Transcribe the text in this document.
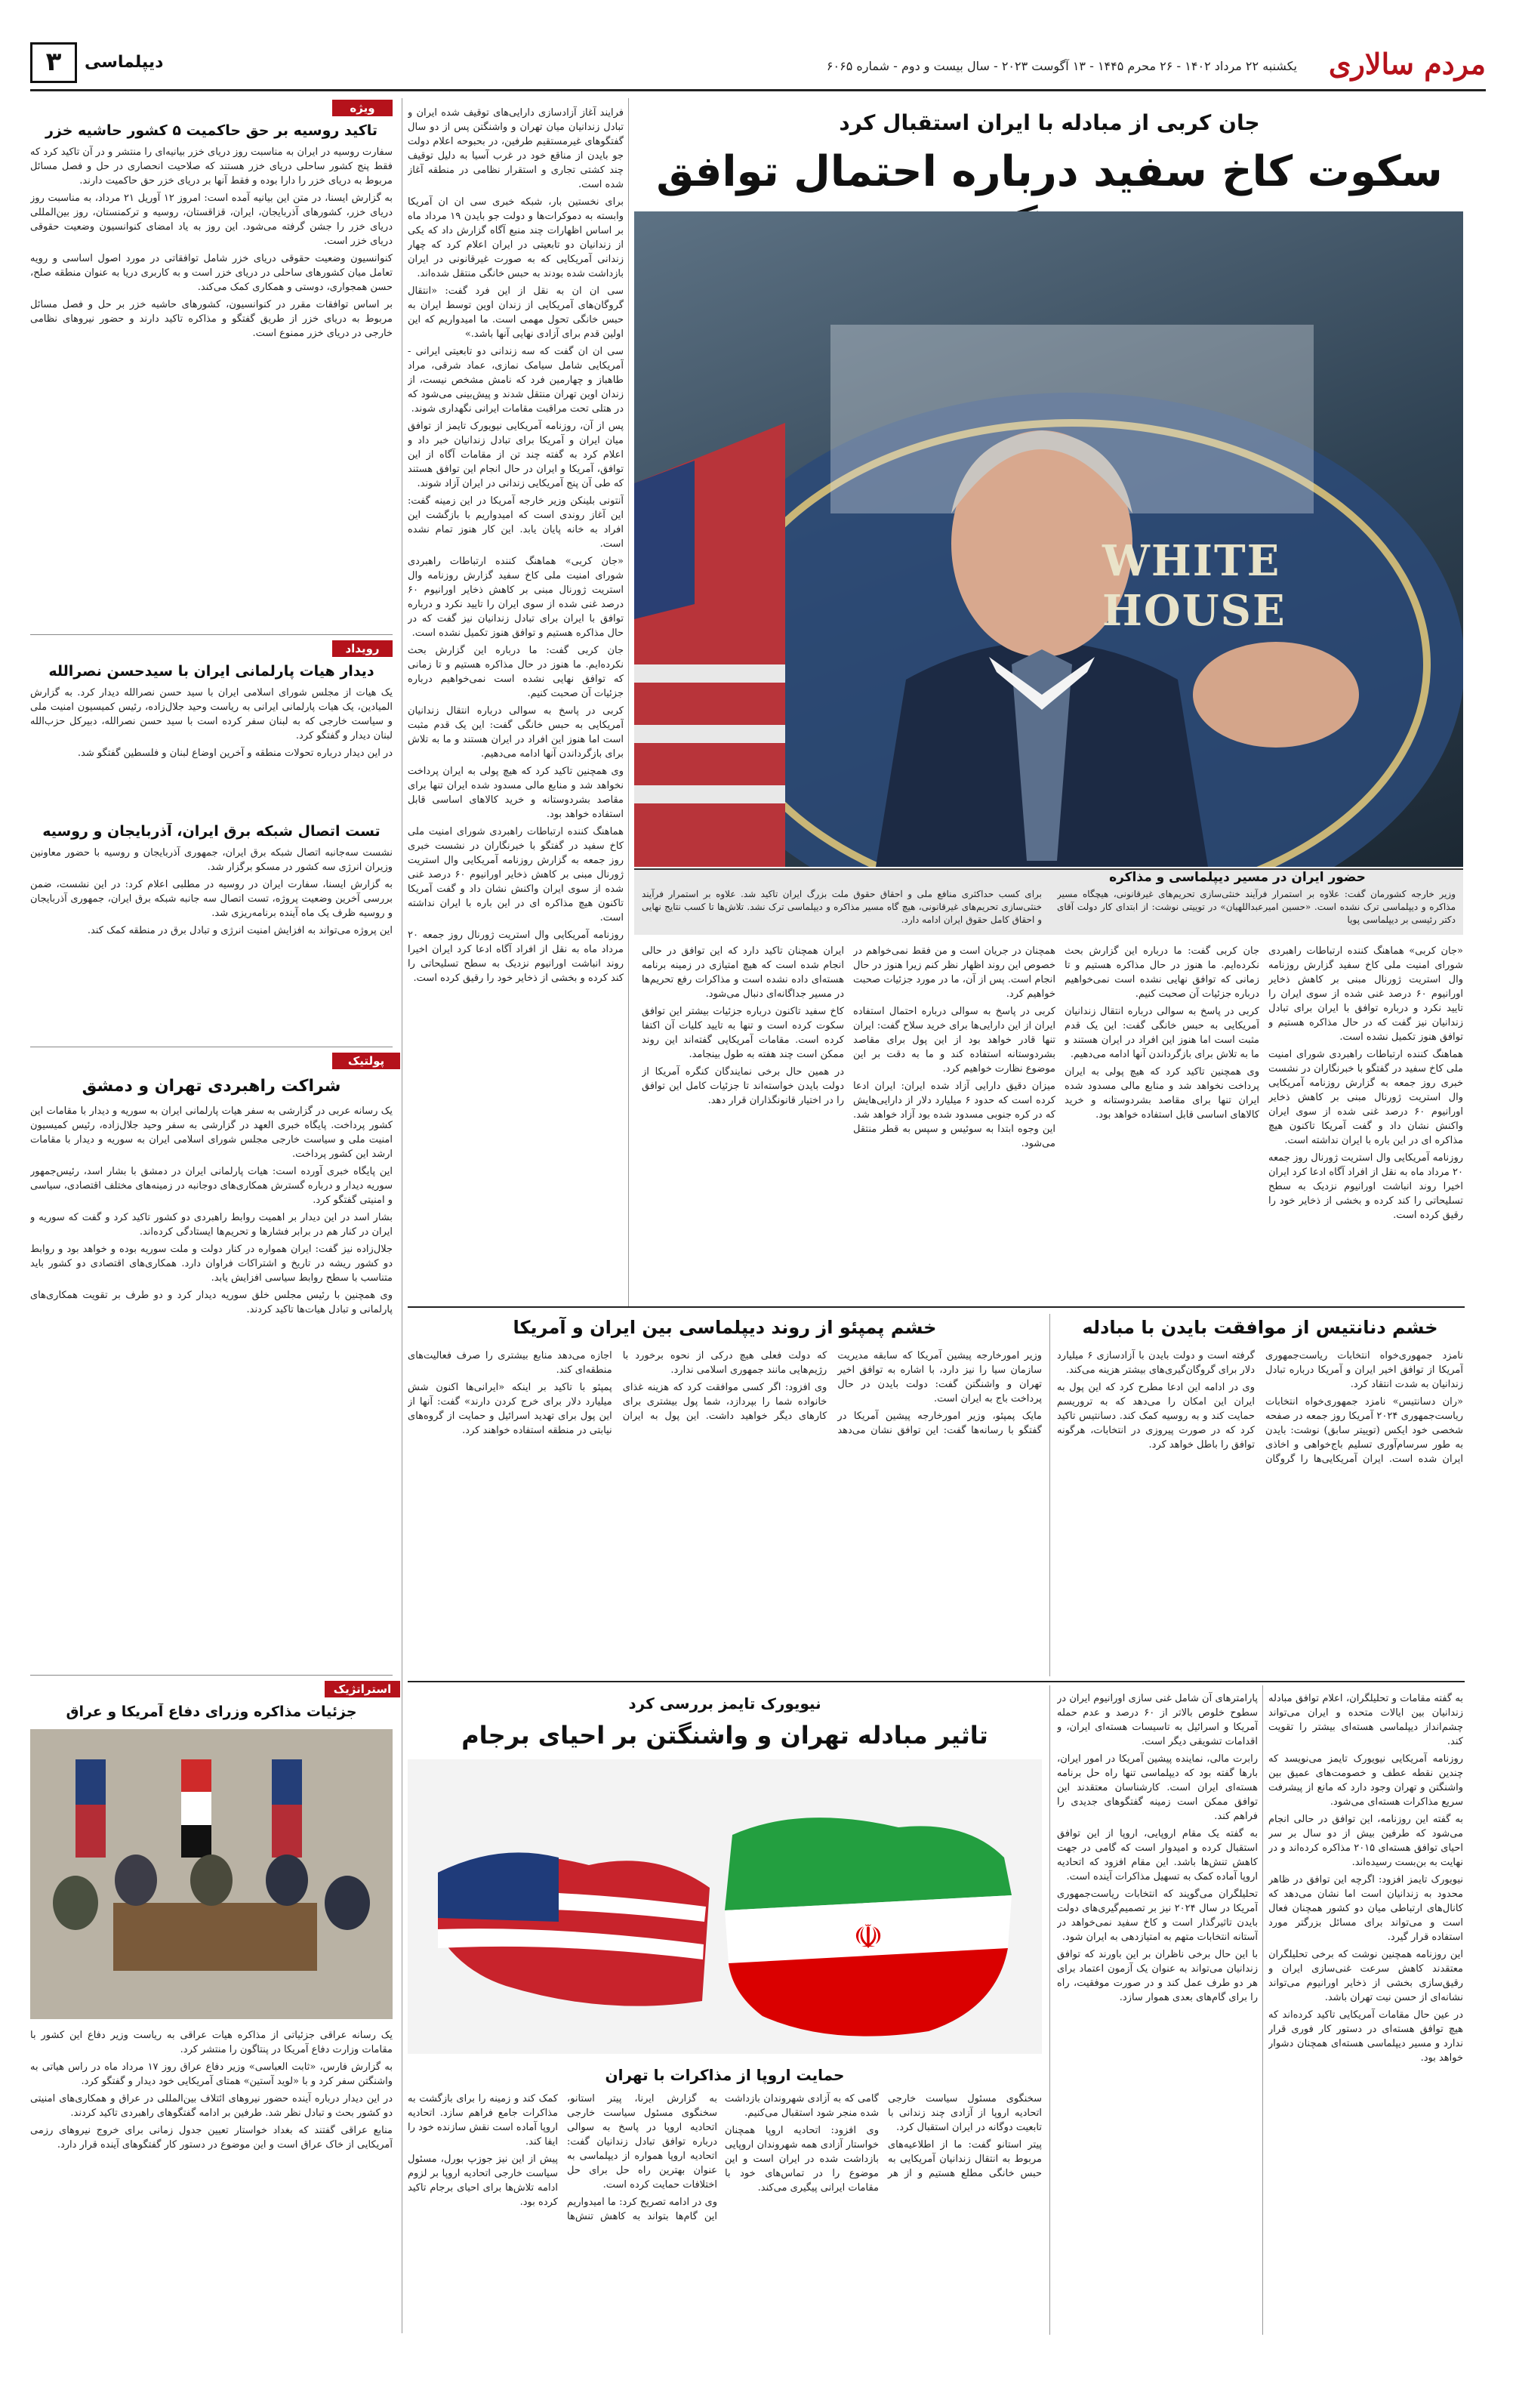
مردم سالاری
یکشنبه ۲۲ مرداد ۱۴۰۲ - ۲۶ محرم ۱۴۴۵ - ۱۳ آگوست ۲۰۲۳ - سال بیست و دوم - شماره ۶۰۶۵
دیپلماسی
۳
جان کربی از مبادله با ایران استقبال کرد
سکوت کاخ سفید درباره احتمال توافق
WHITE HOUSE
حضور ایران در مسیر دیپلماسی و مذاکره
وزیر خارجه کشورمان گفت: علاوه بر استمرار فرآیند خنثی‌سازی تحریم‌های غیرقانونی، هیچگاه مسیر مذاکره و دیپلماسی ترک نشده است. «حسین امیرعبداللهیان» در توییتی نوشت: از ابتدای کار دولت آقای دکتر رئیسی بر دیپلماسی پویا
برای کسب حداکثری منافع ملی و احقاق حقوق ملت بزرگ ایران تاکید شد. علاوه بر استمرار فرآیند خنثی‌سازی تحریم‌های غیرقانونی، هیچ گاه مسیر مذاکره و دیپلماسی ترک نشد. تلاش‌ها تا کسب نتایج نهایی و احقاق کامل حقوق ایران ادامه دارد.

«جان کربی» هماهنگ کننده ارتباطات راهبردی شورای امنیت ملی کاخ سفید گزارش روزنامه وال استریت ژورنال مبنی بر کاهش ذخایر اورانیوم ۶۰ درصد غنی شده از سوی ایران را تایید نکرد و درباره توافق با ایران برای تبادل زندانیان نیز گفت که در حال مذاکره هستیم و توافق هنوز تکمیل نشده است.

هماهنگ کننده ارتباطات راهبردی شورای امنیت ملی کاخ سفید در گفتگو با خبرنگاران در نشست خبری روز جمعه به گزارش روزنامه آمریکایی وال استریت ژورنال مبنی بر کاهش ذخایر اورانیوم ۶۰ درصد غنی شده از سوی ایران واکنش نشان داد و گفت آمریکا تاکنون هیچ مذاکره ای در این باره با ایران نداشته است.

روزنامه آمریکایی وال استریت ژورنال روز جمعه ۲۰ مرداد ماه به نقل از افراد آگاه ادعا کرد ایران اخیرا روند انباشت اورانیوم نزدیک به سطح تسلیحاتی را کند کرده و بخشی از ذخایر خود را رقیق کرده است.

جان کربی گفت: ما درباره این گزارش بحث نکرده‌ایم. ما هنوز در حال مذاکره هستیم و تا زمانی که توافق نهایی نشده است نمی‌خواهیم درباره جزئیات آن صحبت کنیم.

کربی در پاسخ به سوالی درباره انتقال زندانیان آمریکایی به حبس خانگی گفت: این یک قدم مثبت است اما هنوز این افراد در ایران هستند و ما به تلاش برای بازگرداندن آنها ادامه می‌دهیم.

وی همچنین تاکید کرد که هیچ پولی به ایران پرداخت نخواهد شد و منابع مالی مسدود شده ایران تنها برای مقاصد بشردوستانه و خرید کالاهای اساسی قابل استفاده خواهد بود.

همچنان در جریان است و من فقط نمی‌خواهم در خصوص این روند اظهار نظر کنم زیرا هنوز در حال انجام است. پس از آن، ما در مورد جزئیات صحبت خواهیم کرد.

کربی در پاسخ به سوالی درباره احتمال استفاده ایران از این دارایی‌ها برای خرید سلاح گفت: ایران تنها قادر خواهد بود از این پول برای مقاصد بشردوستانه استفاده کند و ما به دقت بر این موضوع نظارت خواهیم کرد.

میزان دقیق دارایی آزاد شده ایران: ایران ادعا کرده است که حدود ۶ میلیارد دلار از دارایی‌هایش که در کره جنوبی مسدود شده بود آزاد خواهد شد. این وجوه ابتدا به سوئیس و سپس به قطر منتقل می‌شود.

ایران همچنان تاکید دارد که این توافق در حالی انجام شده است که هیچ امتیازی در زمینه برنامه هسته‌ای داده نشده است و مذاکرات رفع تحریم‌ها در مسیر جداگانه‌ای دنبال می‌شود.

کاخ سفید تاکنون درباره جزئیات بیشتر این توافق سکوت کرده است و تنها به تایید کلیات آن اکتفا کرده است. مقامات آمریکایی گفته‌اند این روند ممکن است چند هفته به طول بینجامد.

در همین حال برخی نمایندگان کنگره آمریکا از دولت بایدن خواسته‌اند تا جزئیات کامل این توافق را در اختیار قانونگذاران قرار دهد.

فرایند آغاز آزادسازی دارایی‌های توقیف شده ایران و تبادل زندانیان میان تهران و واشنگتن پس از دو سال گفتگوهای غیرمستقیم طرفین، در بحبوحه اعلام دولت جو بایدن از مناقع خود در غرب آسیا به دلیل توقیف چند کشتی تجاری و استقرار نظامی در منطقه آغاز شده است.

برای نخستین بار، شبکه خبری سی ان ان آمریکا وابسته به دموکرات‌ها و دولت جو بایدن ۱۹ مرداد ماه بر اساس اظهارات چند منبع آگاه گزارش داد که یکی از زندانیان دو تابعیتی در ایران اعلام کرد که چهار زندانی آمریکایی که به صورت غیرقانونی در ایران بازداشت شده بودند به حبس خانگی منتقل شده‌اند.

سی ان ان به نقل از این فرد گفت: «انتقال گروگان‌های آمریکایی از زندان اوین توسط ایران به حبس خانگی تحول مهمی است. ما امیدواریم که این اولین قدم برای آزادی نهایی آنها باشد.»

سی ان ان گفت که سه زندانی دو تابعیتی ایرانی - آمریکایی شامل سیامک نمازی، عماد شرقی، مراد طاهباز و چهارمین فرد که نامش مشخص نیست، از زندان اوین تهران منتقل شدند و پیش‌بینی می‌شود که در هتلی تحت مراقبت مقامات ایرانی نگهداری شوند.

پس از آن، روزنامه آمریکایی نیویورک تایمز از توافق میان ایران و آمریکا برای تبادل زندانیان خبر داد و اعلام کرد به گفته چند تن از مقامات آگاه از این توافق، آمریکا و ایران در حال انجام این توافق هستند که طی آن پنج آمریکایی زندانی در ایران آزاد شوند.

آنتونی بلینکن وزیر خارجه آمریکا در این زمینه گفت: این آغاز روندی است که امیدواریم با بازگشت این افراد به خانه پایان یابد. این کار هنوز تمام نشده است.

«جان کربی» هماهنگ کننده ارتباطات راهبردی شورای امنیت ملی کاخ سفید گزارش روزنامه وال استریت ژورنال مبنی بر کاهش ذخایر اورانیوم ۶۰ درصد غنی شده از سوی ایران را تایید نکرد و درباره توافق با ایران برای تبادل زندانیان نیز گفت که در حال مذاکره هستیم و توافق هنوز تکمیل نشده است.

جان کربی گفت: ما درباره این گزارش بحث نکرده‌ایم. ما هنوز در حال مذاکره هستیم و تا زمانی که توافق نهایی نشده است نمی‌خواهیم درباره جزئیات آن صحبت کنیم.

کربی در پاسخ به سوالی درباره انتقال زندانیان آمریکایی به حبس خانگی گفت: این یک قدم مثبت است اما هنوز این افراد در ایران هستند و ما به تلاش برای بازگرداندن آنها ادامه می‌دهیم.

وی همچنین تاکید کرد که هیچ پولی به ایران پرداخت نخواهد شد و منابع مالی مسدود شده ایران تنها برای مقاصد بشردوستانه و خرید کالاهای اساسی قابل استفاده خواهد بود.

هماهنگ کننده ارتباطات راهبردی شورای امنیت ملی کاخ سفید در گفتگو با خبرنگاران در نشست خبری روز جمعه به گزارش روزنامه آمریکایی وال استریت ژورنال مبنی بر کاهش ذخایر اورانیوم ۶۰ درصد غنی شده از سوی ایران واکنش نشان داد و گفت آمریکا تاکنون هیچ مذاکره ای در این باره با ایران نداشته است.

روزنامه آمریکایی وال استریت ژورنال روز جمعه ۲۰ مرداد ماه به نقل از افراد آگاه ادعا کرد ایران اخیرا روند انباشت اورانیوم نزدیک به سطح تسلیحاتی را کند کرده و بخشی از ذخایر خود را رقیق کرده است.

خشم دنانتیس از موافقت بایدن با مبادله

نامزد جمهوری‌خواه انتخابات ریاست‌جمهوری آمریکا از توافق اخیر ایران و آمریکا درباره تبادل زندانیان به شدت انتقاد کرد.

«ران دسانتیس» نامزد جمهوری‌خواه انتخابات ریاست‌جمهوری ۲۰۲۴ آمریکا روز جمعه در صفحه شخصی خود ایکس (توییتر سابق) نوشت: بایدن به طور سرسام‌آوری تسلیم باج‌خواهی و اخاذی ایران شده است. ایران آمریکایی‌ها را گروگان گرفته است و دولت بایدن با آزادسازی ۶ میلیارد دلار برای گروگان‌گیری‌های بیشتر هزینه می‌کند.

وی در ادامه این ادعا مطرح کرد که این پول به ایران این امکان را می‌دهد که به تروریسم حمایت کند و به روسیه کمک کند. دسانتیس تاکید کرد که در صورت پیروزی در انتخابات، هرگونه توافق را باطل خواهد کرد.

خشم پمپئو از روند دیپلماسی بین ایران و آمریکا

وزیر امورخارجه پیشین آمریکا که سابقه مدیریت سازمان سیا را نیز دارد، با اشاره به توافق اخیر تهران و واشنگتن گفت: دولت بایدن در حال پرداخت باج به ایران است.

مایک پمپئو، وزیر امورخارجه پیشین آمریکا در گفتگو با رسانه‌ها گفت: این توافق نشان می‌دهد که دولت فعلی هیچ درکی از نحوه برخورد با رژیم‌هایی مانند جمهوری اسلامی ندارد.

وی افزود: اگر کسی موافقت کرد که هزینه غذای خانواده شما را بپردازد، شما پول بیشتری برای کارهای دیگر خواهید داشت. این پول به ایران اجازه می‌دهد منابع بیشتری را صرف فعالیت‌های منطقه‌ای کند.

پمپئو با تاکید بر اینکه «ایرانی‌ها اکنون شش میلیارد دلار برای خرج کردن دارند» گفت: آنها از این پول برای تهدید اسرائیل و حمایت از گروه‌های نیابتی در منطقه استفاده خواهند کرد.

به گفته مقامات و تحلیلگران، اعلام توافق مبادله زندانیان بین ایالات متحده و ایران می‌تواند چشم‌انداز دیپلماسی هسته‌ای بیشتر را تقویت کند.

روزنامه آمریکایی نیویورک تایمز می‌نویسد که چندین نقطه عطف و خصومت‌های عمیق بین واشنگتن و تهران وجود دارد که مانع از پیشرفت سریع مذاکرات هسته‌ای می‌شود.

به گفته این روزنامه، این توافق در حالی انجام می‌شود که طرفین بیش از دو سال بر سر احیای توافق هسته‌ای ۲۰۱۵ مذاکره کرده‌اند و در نهایت به بن‌بست رسیده‌اند.

نیویورک تایمز افزود: اگرچه این توافق در ظاهر محدود به زندانیان است اما نشان می‌دهد که کانال‌های ارتباطی میان دو کشور همچنان فعال است و می‌تواند برای مسائل بزرگتر مورد استفاده قرار گیرد.

این روزنامه همچنین نوشت که برخی تحلیلگران معتقدند کاهش سرعت غنی‌سازی ایران و رقیق‌سازی بخشی از ذخایر اورانیوم می‌تواند نشانه‌ای از حسن نیت تهران باشد.

در عین حال مقامات آمریکایی تاکید کرده‌اند که هیچ توافق هسته‌ای در دستور کار فوری قرار ندارد و مسیر دیپلماسی هسته‌ای همچنان دشوار خواهد بود.

پارامترهای آن شامل غنی سازی اورانیوم ایران در سطوح خلوص بالاتر از ۶۰ درصد و عدم حمله آمریکا و اسرائیل به تاسیسات هسته‌ای ایران، و اقدامات تشویقی دیگر است.

رابرت مالی، نماینده پیشین آمریکا در امور ایران، بارها گفته بود که دیپلماسی تنها راه حل برنامه هسته‌ای ایران است. کارشناسان معتقدند این توافق ممکن است زمینه گفتگوهای جدیدی را فراهم کند.

به گفته یک مقام اروپایی، اروپا از این توافق استقبال کرده و امیدوار است که گامی در جهت کاهش تنش‌ها باشد. این مقام افزود که اتحادیه اروپا آماده کمک به تسهیل مذاکرات آینده است.

تحلیلگران می‌گویند که انتخابات ریاست‌جمهوری آمریکا در سال ۲۰۲۴ نیز بر تصمیم‌گیری‌های دولت بایدن تاثیرگذار است و کاخ سفید نمی‌خواهد در آستانه انتخابات متهم به امتیازدهی به ایران شود.

با این حال برخی ناظران بر این باورند که توافق زندانیان می‌تواند به عنوان یک آزمون اعتماد برای هر دو طرف عمل کند و در صورت موفقیت، راه را برای گام‌های بعدی هموار سازد.

نیویورک تایمز بررسی کرد
تاثیر مبادله تهران و واشنگتن بر احیای برجام
☫
حمایت اروپا از مذاکرات با تهران

سخنگوی مسئول سیاست خارجی اتحادیه اروپا از آزادی چند زندانی با تابعیت دوگانه در ایران استقبال کرد.

پیتر استانو گفت: ما از اطلاعیه‌های مربوط به انتقال زندانیان آمریکایی به حبس خانگی مطلع هستیم و از هر گامی که به آزادی شهروندان بازداشت شده منجر شود استقبال می‌کنیم.

وی افزود: اتحادیه اروپا همچنان خواستار آزادی همه شهروندان اروپایی بازداشت شده در ایران است و این موضوع را در تماس‌های خود با مقامات ایرانی پیگیری می‌کند.

به گزارش ایرنا، پیتر استانو، سخنگوی مسئول سیاست خارجی اتحادیه اروپا در پاسخ به سوالی درباره توافق تبادل زندانیان گفت: اتحادیه اروپا همواره از دیپلماسی به عنوان بهترین راه حل برای حل اختلافات حمایت کرده است.

وی در ادامه تصریح کرد: ما امیدواریم این گام‌ها بتواند به کاهش تنش‌ها کمک کند و زمینه را برای بازگشت به مذاکرات جامع فراهم سازد. اتحادیه اروپا آماده است نقش سازنده خود را ایفا کند.

پیش از این نیز جوزپ بورل، مسئول سیاست خارجی اتحادیه اروپا بر لزوم ادامه تلاش‌ها برای احیای برجام تاکید کرده بود.

ویژه
تاکید روسیه بر حق حاکمیت ۵ کشور حاشیه خزر

سفارت روسیه در ایران به مناسبت روز دریای خزر بیانیه‌ای را منتشر و در آن تاکید کرد که فقط پنج کشور ساحلی دریای خزر هستند که صلاحیت انحصاری در حل و فصل مسائل مربوط به دریای خزر را دارا بوده و فقط آنها بر دریای خزر حق حاکمیت دارند.

به گزارش ایسنا، در متن این بیانیه آمده است: امروز ۱۲ آوریل ۲۱ مرداد، به مناسبت روز دریای خزر، کشورهای آذربایجان، ایران، قزاقستان، روسیه و ترکمنستان، روز بین‌المللی دریای خزر را جشن گرفته می‌شود. این روز به یاد امضای کنوانسیون وضعیت حقوقی دریای خزر است.

کنوانسیون وضعیت حقوقی دریای خزر شامل توافقاتی در مورد اصول اساسی و رویه تعامل میان کشورهای ساحلی در دریای خزر است و به کاربری دریا به عنوان منطقه صلح، حسن همجواری، دوستی و همکاری کمک می‌کند.

بر اساس توافقات مقرر در کنوانسیون، کشورهای حاشیه خزر بر حل و فصل مسائل مربوط به دریای خزر از طریق گفتگو و مذاکره تاکید دارند و حضور نیروهای نظامی خارجی در دریای خزر ممنوع است.

رویداد
دیدار هیات پارلمانی ایران با سیدحسن نصرالله

یک هیات از مجلس شورای اسلامی ایران با سید حسن نصرالله دیدار کرد. به گزارش المیادین، یک هیات پارلمانی ایرانی به ریاست وحید جلال‌زاده، رئیس کمیسیون امنیت ملی و سیاست خارجی که به لبنان سفر کرده است با سید حسن نصرالله، دبیرکل حزب‌الله لبنان دیدار و گفتگو کرد.

در این دیدار درباره تحولات منطقه و آخرین اوضاع لبنان و فلسطین گفتگو شد.

تست اتصال شبکه برق ایران، آذربایجان و روسیه

نشست سه‌جانبه اتصال شبکه برق ایران، جمهوری آذربایجان و روسیه با حضور معاونین وزیران انرژی سه کشور در مسکو برگزار شد.

به گزارش ایسنا، سفارت ایران در روسیه در مطلبی اعلام کرد: در این نشست، ضمن بررسی آخرین وضعیت پروژه، تست اتصال سه جانبه شبکه برق ایران، جمهوری آذربایجان و روسیه ظرف یک ماه آینده برنامه‌ریزی شد.

این پروژه می‌تواند به افزایش امنیت انرژی و تبادل برق در منطقه کمک کند.

پولتیک
شراکت راهبردی تهران و دمشق

یک رسانه عربی در گزارشی به سفر هیات پارلمانی ایران به سوریه و دیدار با مقامات این کشور پرداخت. پایگاه خبری العهد در گزارشی به سفر وحید جلال‌زاده، رئیس کمیسیون امنیت ملی و سیاست خارجی مجلس شورای اسلامی ایران به سوریه و دیدار با مقامات ارشد این کشور پرداخت.

این پایگاه خبری آورده است: هیات پارلمانی ایران در دمشق با بشار اسد، رئیس‌جمهور سوریه دیدار و درباره گسترش همکاری‌های دوجانبه در زمینه‌های مختلف اقتصادی، سیاسی و امنیتی گفتگو کرد.

بشار اسد در این دیدار بر اهمیت روابط راهبردی دو کشور تاکید کرد و گفت که سوریه و ایران در کنار هم در برابر فشارها و تحریم‌ها ایستادگی کرده‌اند.

جلال‌زاده نیز گفت: ایران همواره در کنار دولت و ملت سوریه بوده و خواهد بود و روابط دو کشور ریشه در تاریخ و اشتراکات فراوان دارد. همکاری‌های اقتصادی دو کشور باید متناسب با سطح روابط سیاسی افزایش یابد.

وی همچنین با رئیس مجلس خلق سوریه دیدار کرد و دو طرف بر تقویت همکاری‌های پارلمانی و تبادل هیات‌ها تاکید کردند.

استراتژیک
جزئیات مذاکره وزرای دفاع آمریکا و عراق

یک رسانه عراقی جزئیاتی از مذاکره هیات عراقی به ریاست وزیر دفاع این کشور با مقامات وزارت دفاع آمریکا در پنتاگون را منتشر کرد.

به گزارش فارس، «ثابت العباسی» وزیر دفاع عراق روز ۱۷ مرداد ماه در راس هیاتی به واشنگتن سفر کرد و با «لوید آستین» همتای آمریکایی خود دیدار و گفتگو کرد.

در این دیدار درباره آینده حضور نیروهای ائتلاف بین‌المللی در عراق و همکاری‌های امنیتی دو کشور بحث و تبادل نظر شد. طرفین بر ادامه گفتگوهای راهبردی تاکید کردند.

منابع عراقی گفتند که بغداد خواستار تعیین جدول زمانی برای خروج نیروهای رزمی آمریکایی از خاک عراق است و این موضوع در دستور کار گفتگوهای آینده قرار دارد.
